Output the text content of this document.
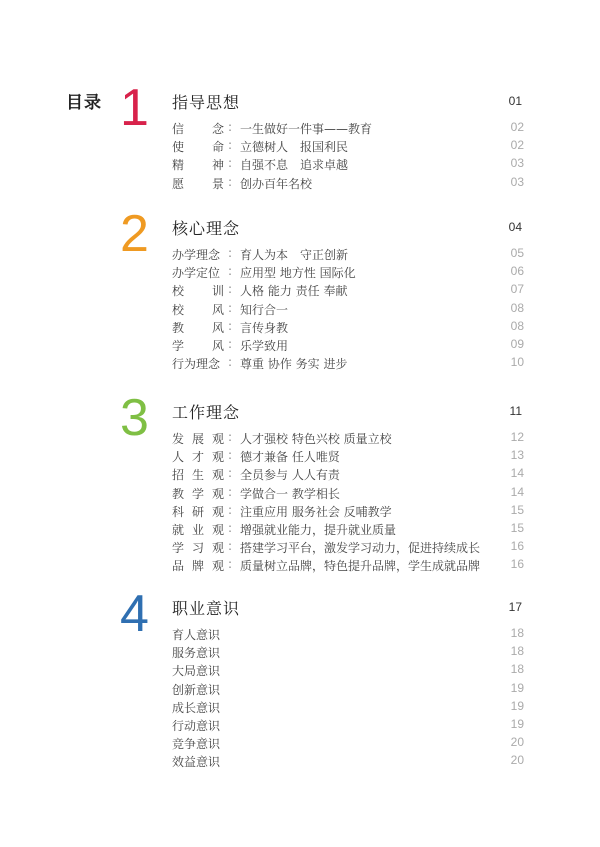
目录 1 指导思想	01
信　念 : 一生做好一件事——教育	02
使　命 : 立德树人　报国利民	02
精　神 : 自强不息　追求卓越	03
愿　景 : 创办百年名校	03
2 核心理念	04
办学理念 : 育人为本　守正创新	05
办学定位 : 应用型 地方性 国际化	06
校　训 : 人格 能力 责任 奉献	07
校　风 : 知行合一	08
教　风 : 言传身教	08
学　风 : 乐学致用	09
行为理念 : 尊重 协作 务实 进步	10
3 工作理念	11
发展观 : 人才强校 特色兴校 质量立校	12
人才观 : 德才兼备 任人唯贤	13
招生观 : 全员参与 人人有责	14
教学观 : 学做合一 教学相长	14
科研观 : 注重应用 服务社会 反哺教学	15
就业观 : 增强就业能力，提升就业质量	15
学习观 : 搭建学习平台，激发学习动力，促进持续成长	16
品牌观 : 质量树立品牌，特色提升品牌，学生成就品牌	16
4 职业意识	17
育人意识	18
服务意识	18
大局意识	18
创新意识	19
成长意识	19
行动意识	19
竞争意识	20
效益意识	20
